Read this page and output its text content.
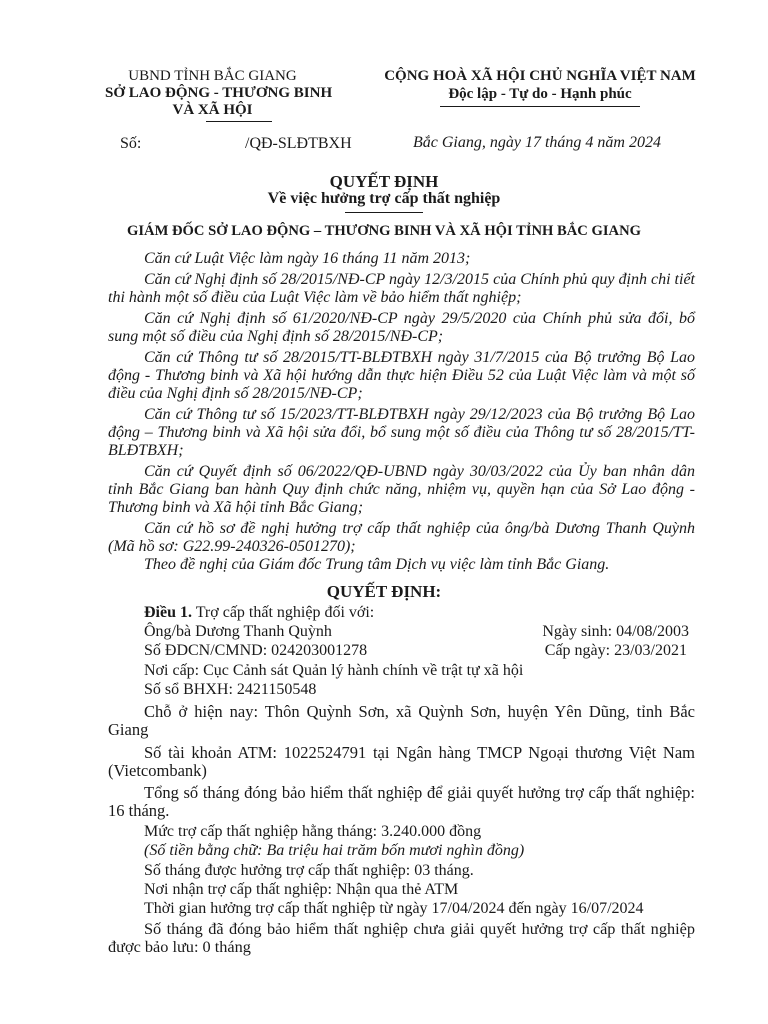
UBND TỈNH BẮC GIANG
SỞ LAO ĐỘNG - THƯƠNG BINH
VÀ XÃ HỘI
CỘNG HOÀ XÃ HỘI CHỦ NGHĨA VIỆT NAM
Độc lập - Tự do - Hạnh phúc
Số:	/QĐ-SLĐTBXH	Bắc Giang, ngày 17 tháng 4 năm 2024
QUYẾT ĐỊNH
Về việc hưởng trợ cấp thất nghiệp
GIÁM ĐỐC SỞ LAO ĐỘNG – THƯƠNG BINH VÀ XÃ HỘI TỈNH BẮC GIANG
Căn cứ Luật Việc làm ngày 16 tháng 11 năm 2013;
Căn cứ Nghị định số 28/2015/NĐ-CP ngày 12/3/2015 của Chính phủ quy định chi tiết thi hành một số điều của Luật Việc làm về bảo hiểm thất nghiệp;
Căn cứ Nghị định số 61/2020/NĐ-CP ngày 29/5/2020 của Chính phủ sửa đổi, bổ sung một số điều của Nghị định số 28/2015/NĐ-CP;
Căn cứ Thông tư số 28/2015/TT-BLĐTBXH ngày 31/7/2015 của Bộ trưởng Bộ Lao động - Thương binh và Xã hội hướng dẫn thực hiện Điều 52 của Luật Việc làm và một số điều của Nghị định số 28/2015/NĐ-CP;
Căn cứ Thông tư số 15/2023/TT-BLĐTBXH ngày 29/12/2023 của Bộ trưởng Bộ Lao động – Thương binh và Xã hội sửa đổi, bổ sung một số điều của Thông tư số 28/2015/TT-BLĐTBXH;
Căn cứ Quyết định số 06/2022/QĐ-UBND ngày 30/03/2022 của Ủy ban nhân dân tỉnh Bắc Giang ban hành Quy định chức năng, nhiệm vụ, quyền hạn của Sở Lao động - Thương binh và Xã hội tỉnh Bắc Giang;
Căn cứ hồ sơ đề nghị hưởng trợ cấp thất nghiệp của ông/bà Dương Thanh Quỳnh (Mã hồ sơ: G22.99-240326-0501270);
Theo đề nghị của Giám đốc Trung tâm Dịch vụ việc làm tỉnh Bắc Giang.
QUYẾT ĐỊNH:
Điều 1. Trợ cấp thất nghiệp đối với:
Ông/bà Dương Thanh Quỳnh	Ngày sinh: 04/08/2003
Số ĐDCN/CMND: 024203001278	Cấp ngày: 23/03/2021
Nơi cấp: Cục Cảnh sát Quản lý hành chính về trật tự xã hội
Số sổ BHXH: 2421150548
Chỗ ở hiện nay: Thôn Quỳnh Sơn, xã Quỳnh Sơn, huyện Yên Dũng, tỉnh Bắc Giang
Số tài khoản ATM: 1022524791 tại Ngân hàng TMCP Ngoại thương Việt Nam (Vietcombank)
Tổng số tháng đóng bảo hiểm thất nghiệp để giải quyết hưởng trợ cấp thất nghiệp: 16 tháng.
Mức trợ cấp thất nghiệp hằng tháng: 3.240.000 đồng
(Số tiền bằng chữ: Ba triệu hai trăm bốn mươi nghìn đồng)
Số tháng được hưởng trợ cấp thất nghiệp: 03 tháng.
Nơi nhận trợ cấp thất nghiệp: Nhận qua thẻ ATM
Thời gian hưởng trợ cấp thất nghiệp từ ngày 17/04/2024 đến ngày 16/07/2024
Số tháng đã đóng bảo hiểm thất nghiệp chưa giải quyết hưởng trợ cấp thất nghiệp được bảo lưu: 0 tháng
